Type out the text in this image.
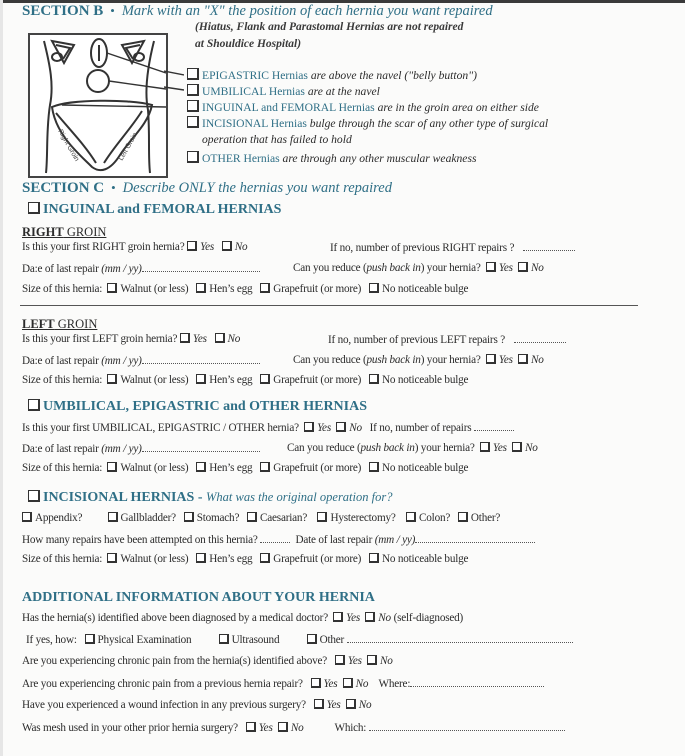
SECTION B • Mark with an "X" the position of each hernia you want repaired
(Hiatus, Flank and Parastomal Hernias are not repaired
at Shouldice Hospital)
Right Groin	Left Groin
EPIGASTRIC Hernias are above the navel ("belly button")
UMBILICAL Hernias are at the navel
INGUINAL and FEMORAL Hernias are in the groin area on either side
INCISIONAL Hernias bulge through the scar of any other type of surgical
operation that has failed to hold
OTHER Hernias are through any other muscular weakness
SECTION C • Describe ONLY the hernias you want repaired
INGUINAL and FEMORAL HERNIAS
RIGHT GROIN
Is this your first RIGHT groin hernia? Yes No	If no, number of previous RIGHT repairs ?
Da:e of last repair (mm / yy)	Can you reduce (push back in) your hernia? Yes No
Size of this hernia: Walnut (or less) Hen’s egg Grapefruit (or more) No noticeable bulge
LEFT GROIN
Is this your first LEFT groin hernia? Yes No	If no, number of previous LEFT repairs ?
Da:e of last repair (mm / yy)	Can you reduce (push back in) your hernia? Yes No
Size of this hernia: Walnut (or less) Hen’s egg Grapefruit (or more) No noticeable bulge
UMBILICAL, EPIGASTRIC and OTHER HERNIAS
Is this your first UMBILICAL, EPIGASTRIC / OTHER hernia? Yes No If no, number of repairs
Da:e of last repair (mm / yy)	Can you reduce (push back in) your hernia? Yes No
Size of this hernia: Walnut (or less) Hen’s egg Grapefruit (or more) No noticeable bulge
INCISIONAL HERNIAS - What was the original operation for?
Appendix?	Gallbladder? Stomach? Caesarian? Hysterectomy? Colon? Other?
How many repairs have been attempted on this hernia?	Date of last repair (mm / yy)
Size of this hernia: Walnut (or less) Hen’s egg Grapefruit (or more) No noticeable bulge
ADDITIONAL INFORMATION ABOUT YOUR HERNIA
Has the hernia(s) identified above been diagnosed by a medical doctor? Yes No (self-diagnosed)
If yes, how: Physical Examination	Ultrasound	Other
Are you experiencing chronic pain from the hernia(s) identified above? Yes No
Are you experiencing chronic pain from a previous hernia repair? Yes No Where:
Have you experienced a wound infection in any previous surgery? Yes No
Was mesh used in your other prior hernia surgery? Yes No	Which:
